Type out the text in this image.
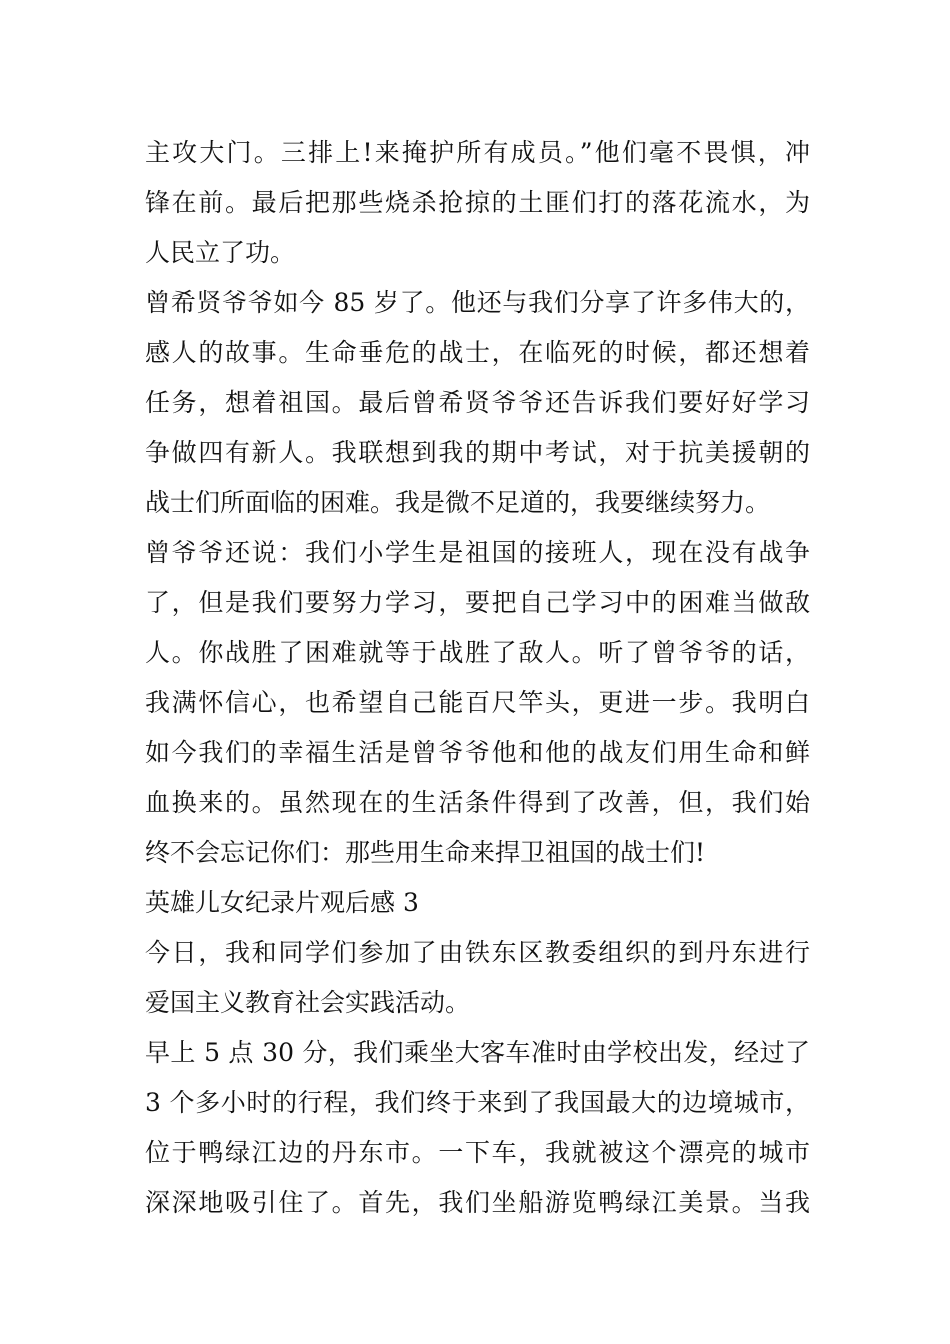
主攻大门。三排上!来掩护所有成员。”他们毫不畏惧，冲
锋在前。最后把那些烧杀抢掠的土匪们打的落花流水，为
人民立了功。
曾希贤爷爷如今 85 岁了。他还与我们分享了许多伟大的，
感人的故事。生命垂危的战士，在临死的时候，都还想着
任务，想着祖国。最后曾希贤爷爷还告诉我们要好好学习
争做四有新人。我联想到我的期中考试，对于抗美援朝的
战士们所面临的困难。我是微不足道的，我要继续努力。
曾爷爷还说：我们小学生是祖国的接班人，现在没有战争
了，但是我们要努力学习，要把自己学习中的困难当做敌
人。你战胜了困难就等于战胜了敌人。听了曾爷爷的话，
我满怀信心，也希望自己能百尺竿头，更进一步。我明白
如今我们的幸福生活是曾爷爷他和他的战友们用生命和鲜
血换来的。虽然现在的生活条件得到了改善，但，我们始
终不会忘记你们：那些用生命来捍卫祖国的战士们!
英雄儿女纪录片观后感 3
今日，我和同学们参加了由铁东区教委组织的到丹东进行
爱国主义教育社会实践活动。
早上 5 点 30 分，我们乘坐大客车准时由学校出发，经过了
3 个多小时的行程，我们终于来到了我国最大的边境城市，
位于鸭绿江边的丹东市。一下车，我就被这个漂亮的城市
深深地吸引住了。首先，我们坐船游览鸭绿江美景。当我
